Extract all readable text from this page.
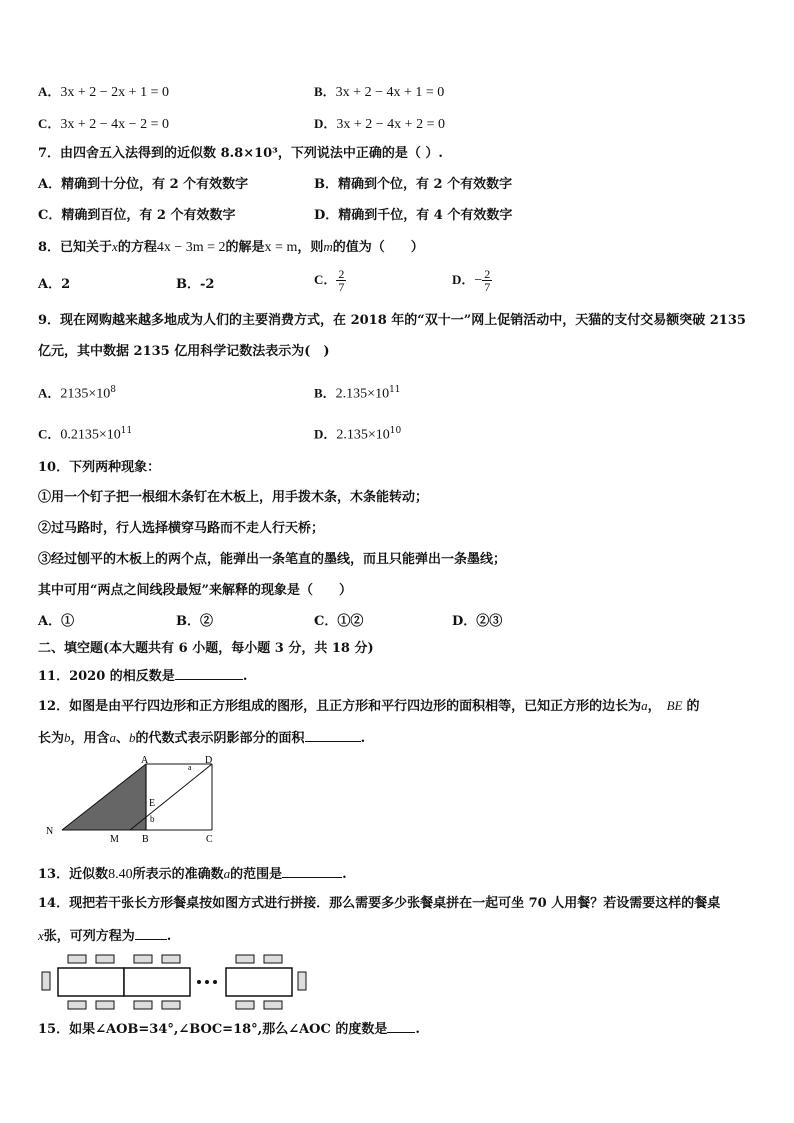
A．3x + 2 − 2x + 1 = 0	B．3x + 2 − 4x + 1 = 0
C．3x + 2 − 4x − 2 = 0	D．3x + 2 − 4x + 2 = 0
7．由四舍五入法得到的近似数 8.8×10³，下列说法中正确的是（ ）.
A．精确到十分位，有 2 个有效数字	B．精确到个位，有 2 个有效数字
C．精确到百位，有 2 个有效数字	D．精确到千位，有 4 个有效数字
8．已知关于x的方程4x − 3m = 2的解是x = m，则m的值为（　　）
A．2	B．-2	C． $\frac{2}{7}$	D．− $\frac{2}{7}$
9．现在网购越来越多地成为人们的主要消费方式，在 2018 年的“双十一”网上促销活动中，天猫的支付交易额突破 2135
亿元，其中数据 2135 亿用科学记数法表示为(　)
A．$2135\times 10^8$	B．$2.135\times 10^{11}$
C．$0.2135\times 10^{11}$	D．$2.135\times 10^{10}$
10．下列两种现象：
①用一个钉子把一根细木条钉在木板上，用手拨木条，木条能转动；
②过马路时，行人选择横穿马路而不走人行天桥；
③经过刨平的木板上的两个点，能弹出一条笔直的墨线，而且只能弹出一条墨线；
其中可用“两点之间线段最短”来解释的现象是（　　）
A．①	B．②	C．①②	D．②③
二、填空题(本大题共有 6 小题，每小题 3 分，共 18 分)
11．2020 的相反数是	.
12．如图是由平行四边形和正方形组成的图形，且正方形和平行四边形的面积相等，已知正方形的边长为a， BE 的
长为b，用含a、b的代数式表示阴影部分的面积	.
A	D
a
E
b
N
M B	C
13．近似数8.40所表示的准确数a的范围是	.
14．现把若干张长方形餐桌按如图方式进行拼接．那么需要多少张餐桌拼在一起可坐 70 人用餐？若设需要这样的餐桌
x张，可列方程为 .
15．如果∠AOB=34°,∠BOC=18°,那么∠AOC 的度数是 .
